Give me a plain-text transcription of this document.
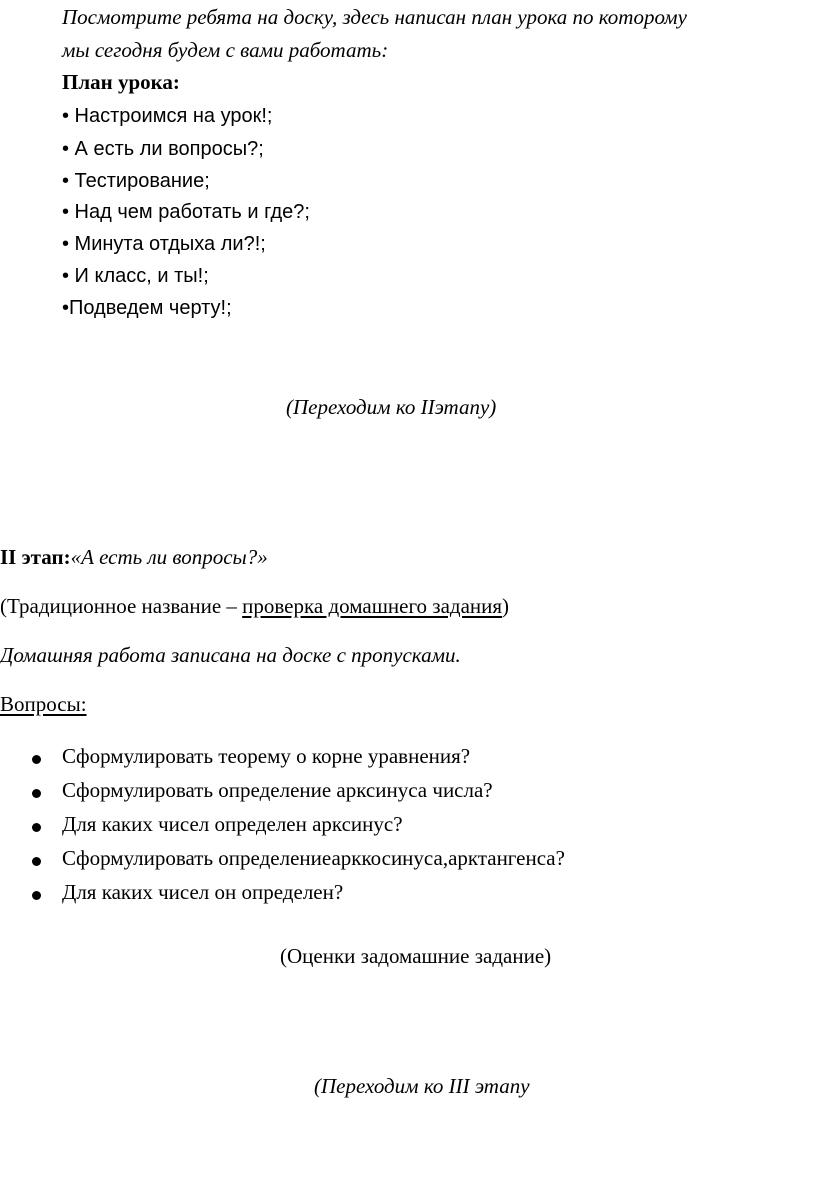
Посмотрите ребята на доску, здесь написан план урока по которому
мы сегодня будем с вами работать:
План урока:
• Настроимся на урок!;
• А есть ли вопросы?;
• Тестирование;
• Над чем работать и где?;
• Минута отдыха ли?!;
• И класс, и ты!;
•Подведем черту!;
(Переходим ко IIэтапу)
II этап:«А есть ли вопросы?»
(Традиционное название – проверка домашнего задания)
Домашняя работа записана на доске с пропусками.
Вопросы:
Сформулировать теорему о корне уравнения?
Сформулировать определение арксинуса числа?
Для каких чисел определен арксинус?
Сформулировать определениеарккосинуса,арктангенса?
Для каких чисел он определен?
(Оценки задомашние задание)
(Переходим ко III этапу
